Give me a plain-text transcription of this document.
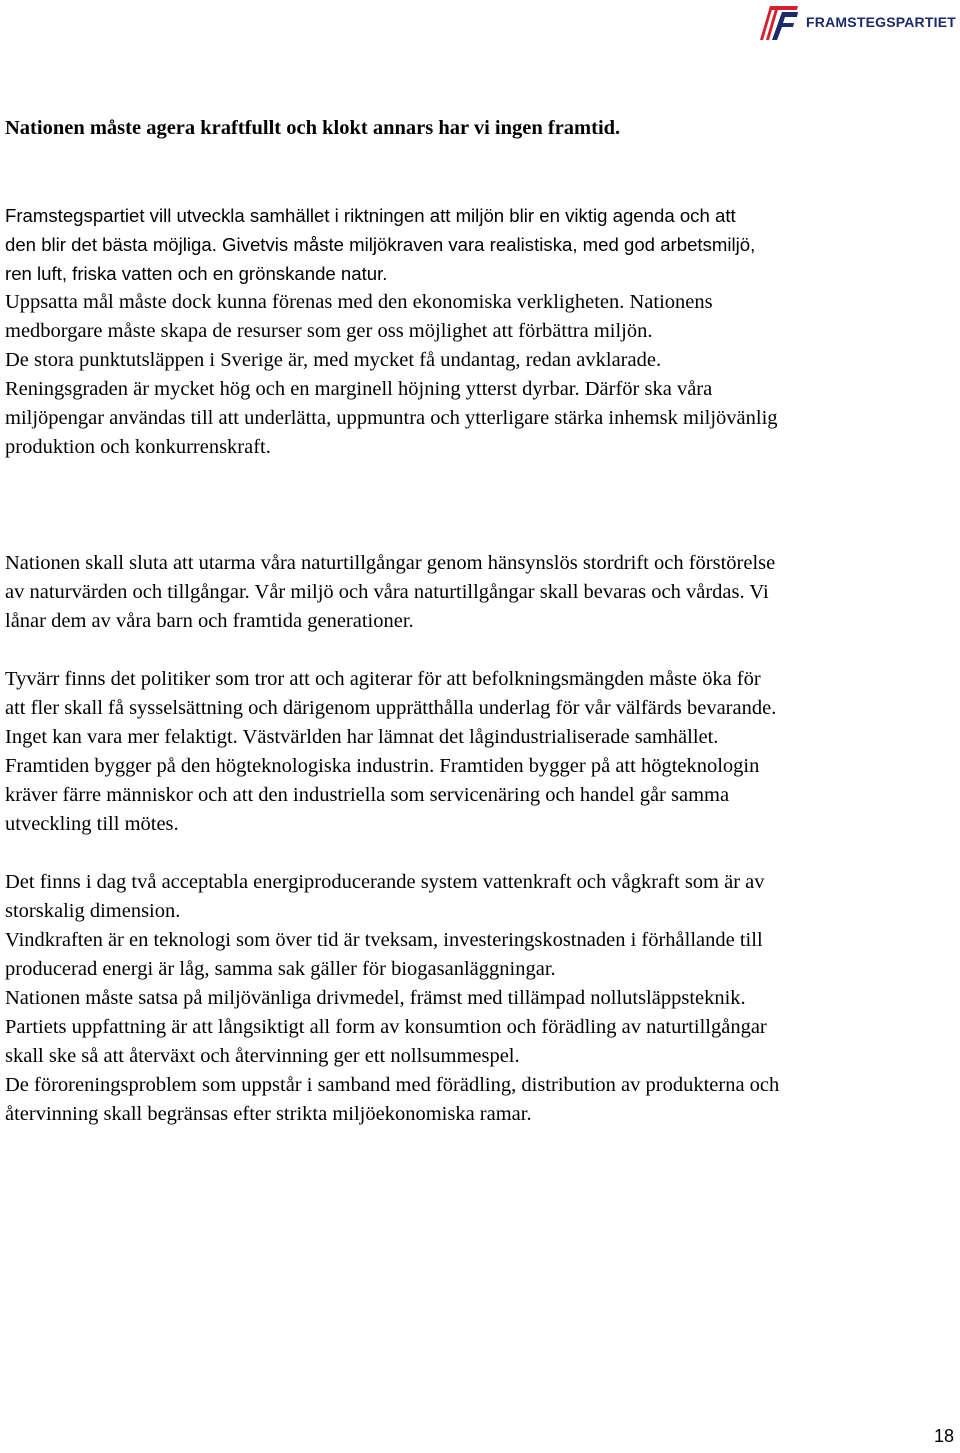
FRAMSTEGSPARTIET

Nationen måste agera kraftfullt och klokt annars har vi ingen framtid.

Framstegspartiet vill utveckla samhället i riktningen att miljön blir en viktig agenda och att
den blir det bästa möjliga. Givetvis måste miljökraven vara realistiska, med god arbetsmiljö,
ren luft, friska vatten och en grönskande natur.
Uppsatta mål måste dock kunna förenas med den ekonomiska verkligheten. Nationens
medborgare måste skapa de resurser som ger oss möjlighet att förbättra miljön.
De stora punktutsläppen i Sverige är, med mycket få undantag, redan avklarade.
Reningsgraden är mycket hög och en marginell höjning ytterst dyrbar. Därför ska våra
miljöpengar användas till att underlätta, uppmuntra och ytterligare stärka inhemsk miljövänlig
produktion och konkurrenskraft.

Nationen skall sluta att utarma våra naturtillgångar genom hänsynslös stordrift och förstörelse
av naturvärden och tillgångar. Vår miljö och våra naturtillgångar skall bevaras och vårdas. Vi
lånar dem av våra barn och framtida generationer.

Tyvärr finns det politiker som tror att och agiterar för att befolkningsmängden måste öka för
att fler skall få sysselsättning och därigenom upprätthålla underlag för vår välfärds bevarande.
Inget kan vara mer felaktigt. Västvärlden har lämnat det lågindustrialiserade samhället.
Framtiden bygger på den högteknologiska industrin. Framtiden bygger på att högteknologin
kräver färre människor och att den industriella som servicenäring och handel går samma
utveckling till mötes.

Det finns i dag två acceptabla energiproducerande system vattenkraft och vågkraft som är av
storskalig dimension.
Vindkraften är en teknologi som över tid är tveksam, investeringskostnaden i förhållande till
producerad energi är låg, samma sak gäller för biogasanläggningar.
Nationen måste satsa på miljövänliga drivmedel, främst med tillämpad nollutsläppsteknik.
Partiets uppfattning är att långsiktigt all form av konsumtion och förädling av naturtillgångar
skall ske så att återväxt och återvinning ger ett nollsummespel.
De föroreningsproblem som uppstår i samband med förädling, distribution av produkterna och
återvinning skall begränsas efter strikta miljöekonomiska ramar.

18
